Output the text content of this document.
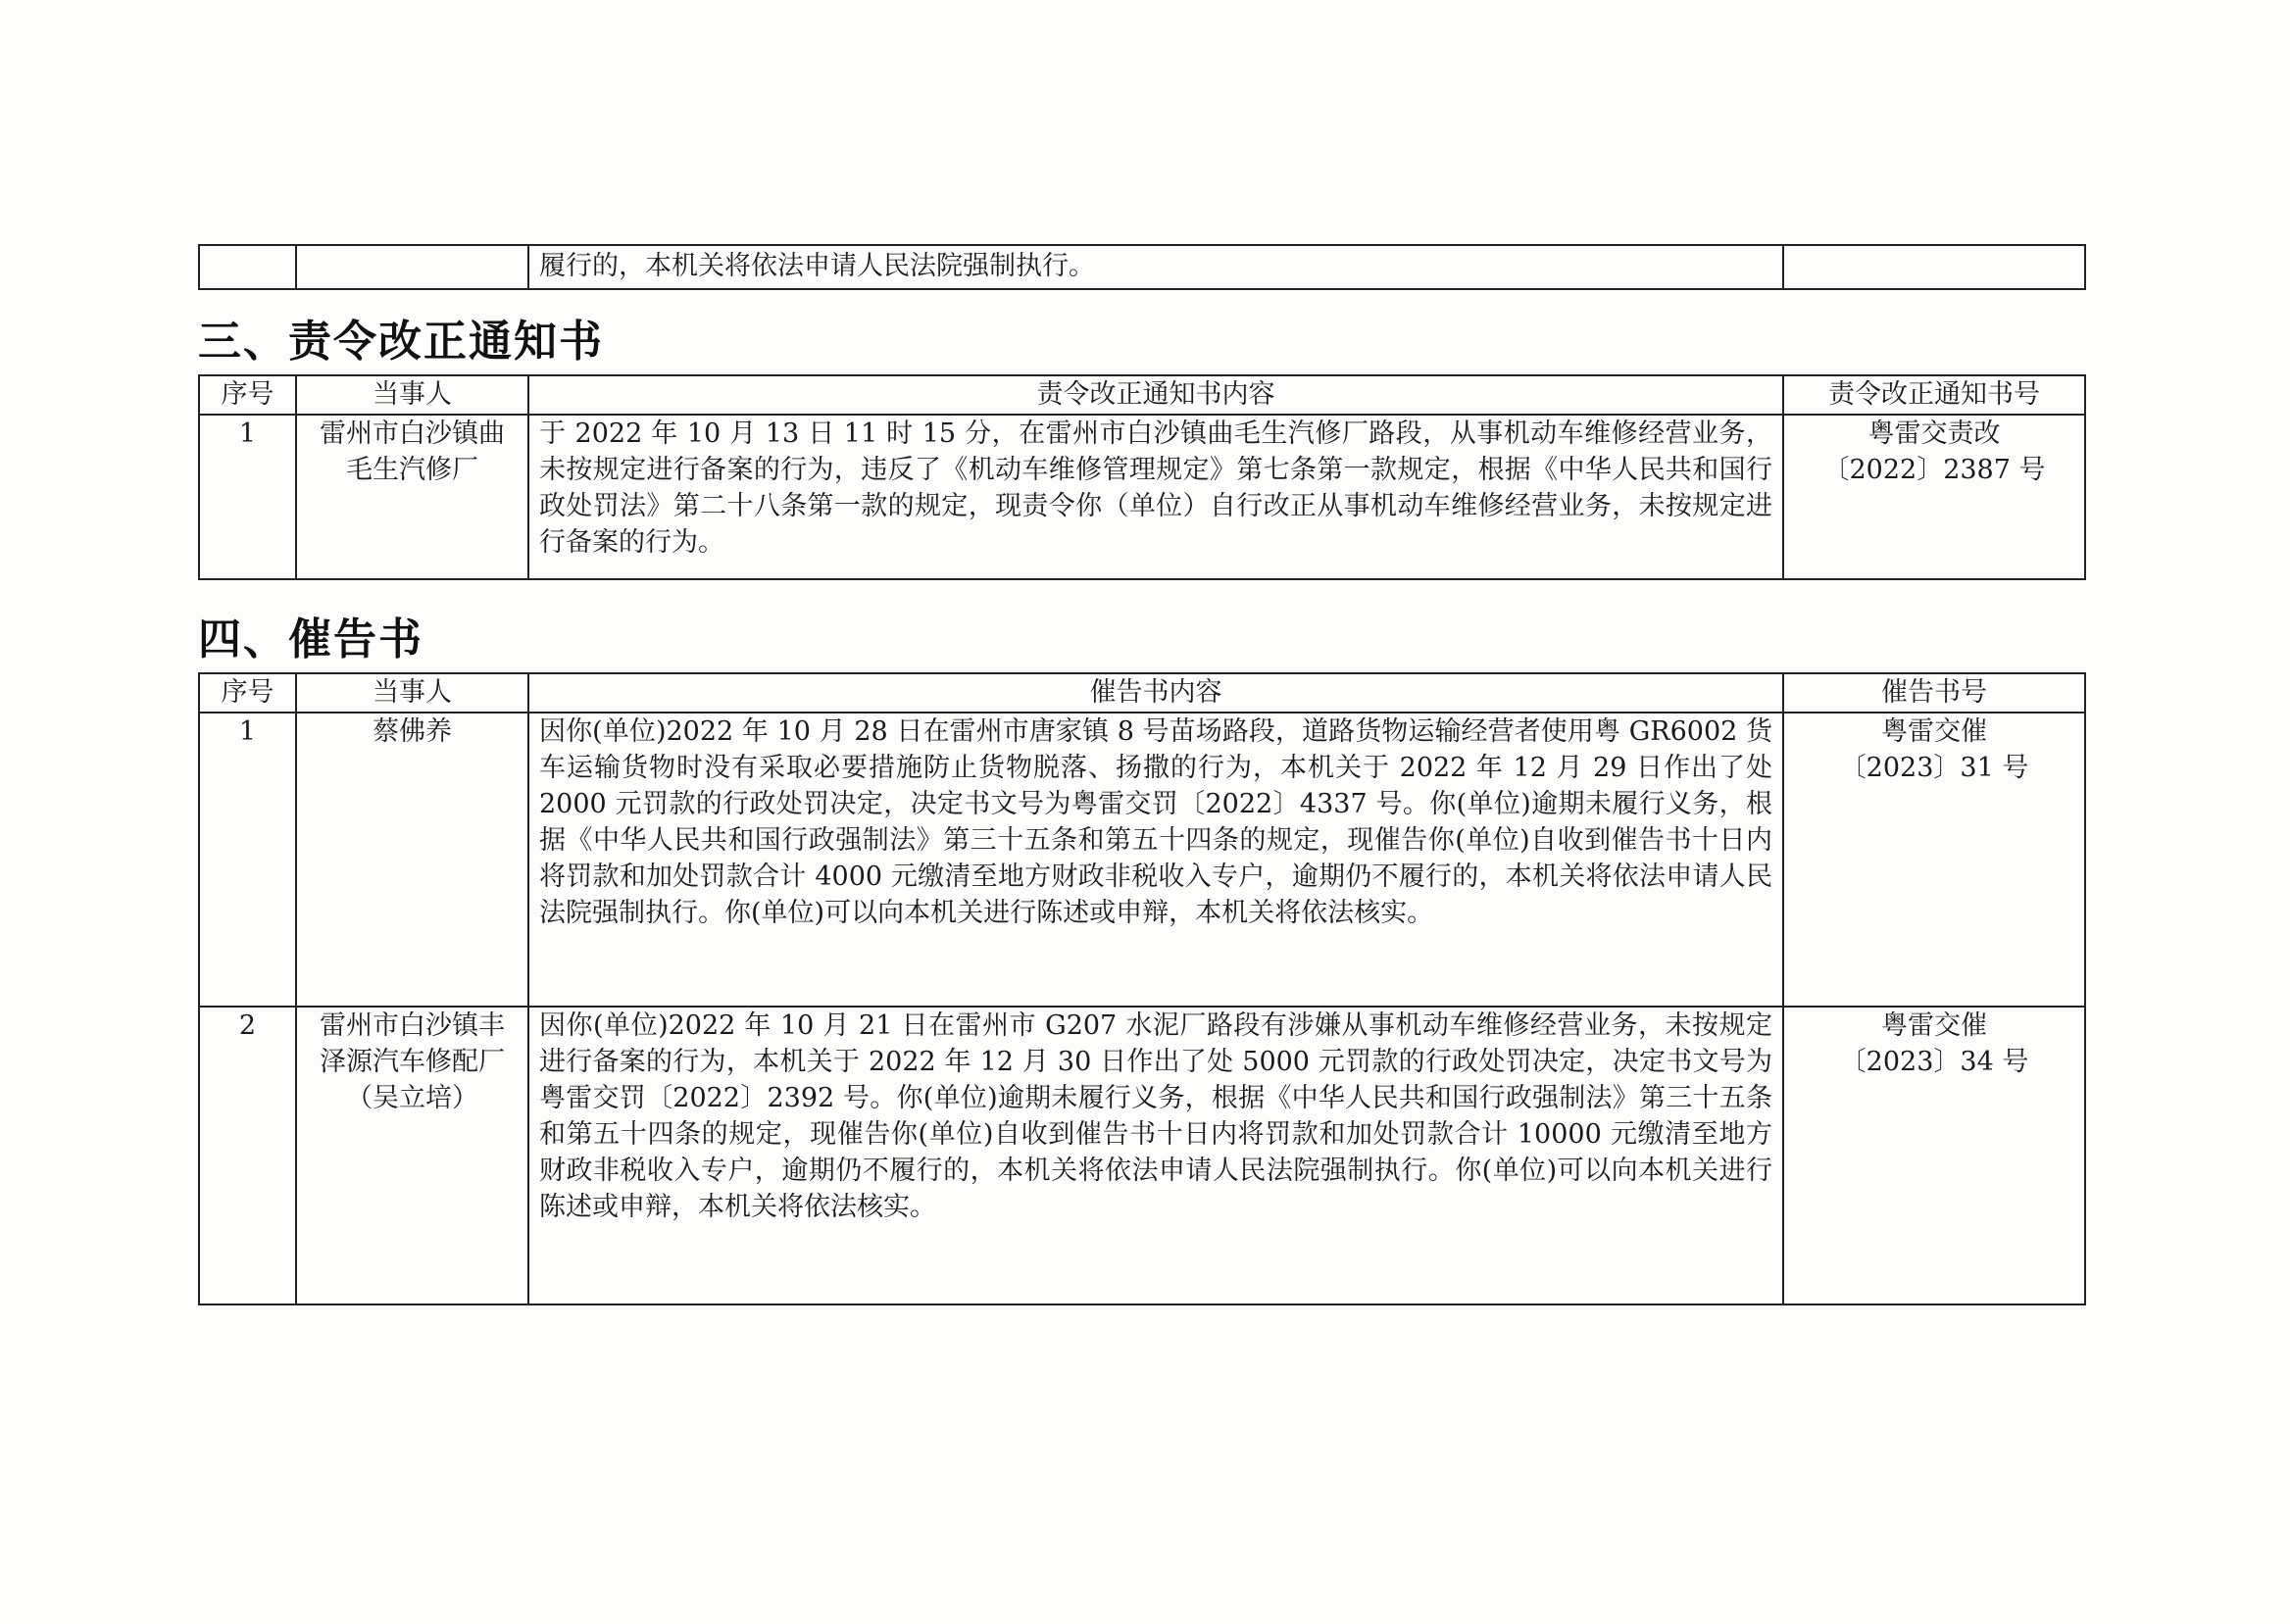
		履行的，本机关将依法申请人民法院强制执行。	
三、责令改正通知书
序号	当事人	责令改正通知书内容	责令改正通知书号
1	雷州市白沙镇曲毛生汽修厂	于 2022 年 10 月 13 日 11 时 15 分，在雷州市白沙镇曲毛生汽修厂路段，从事机动车维修经营业务，未按规定进行备案的行为，违反了《机动车维修管理规定》第七条第一款规定，根据《中华人民共和国行政处罚法》第二十八条第一款的规定，现责令你（单位）自行改正从事机动车维修经营业务，未按规定进行备案的行为。	粤雷交责改
〔2022〕2387 号
四、催告书
序号	当事人	催告书内容	催告书号
1	蔡佛养	因你(单位)2022 年 10 月 28 日在雷州市唐家镇 8 号苗场路段，道路货物运输经营者使用粤 GR6002 货车运输货物时没有采取必要措施防止货物脱落、扬撒的行为，本机关于 2022 年 12 月 29 日作出了处 2000 元罚款的行政处罚决定，决定书文号为粤雷交罚〔2022〕4337 号。你(单位)逾期未履行义务，根据《中华人民共和国行政强制法》第三十五条和第五十四条的规定，现催告你(单位)自收到催告书十日内将罚款和加处罚款合计 4000 元缴清至地方财政非税收入专户，逾期仍不履行的，本机关将依法申请人民法院强制执行。你(单位)可以向本机关进行陈述或申辩，本机关将依法核实。	粤雷交催
〔2023〕31 号

2	雷州市白沙镇丰泽源汽车修配厂（吴立培）	因你(单位)2022 年 10 月 21 日在雷州市 G207 水泥厂路段有涉嫌从事机动车维修经营业务，未按规定进行备案的行为，本机关于 2022 年 12 月 30 日作出了处 5000 元罚款的行政处罚决定，决定书文号为粤雷交罚〔2022〕2392 号。你(单位)逾期未履行义务，根据《中华人民共和国行政强制法》第三十五条和第五十四条的规定，现催告你(单位)自收到催告书十日内将罚款和加处罚款合计 10000 元缴清至地方财政非税收入专户，逾期仍不履行的，本机关将依法申请人民法院强制执行。你(单位)可以向本机关进行陈述或申辩，本机关将依法核实。	粤雷交催
〔2023〕34 号
